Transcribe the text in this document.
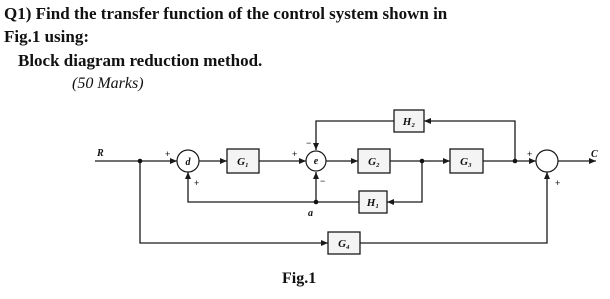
Q1) Find the transfer function of the control system shown in
Fig.1 using:
Block diagram reduction method.
(50 Marks)
d	e
G₁	G₂	G₃
H₂
H₁
G₄
R	C
a
+
+
+
−
−
+
+
Fig.1
